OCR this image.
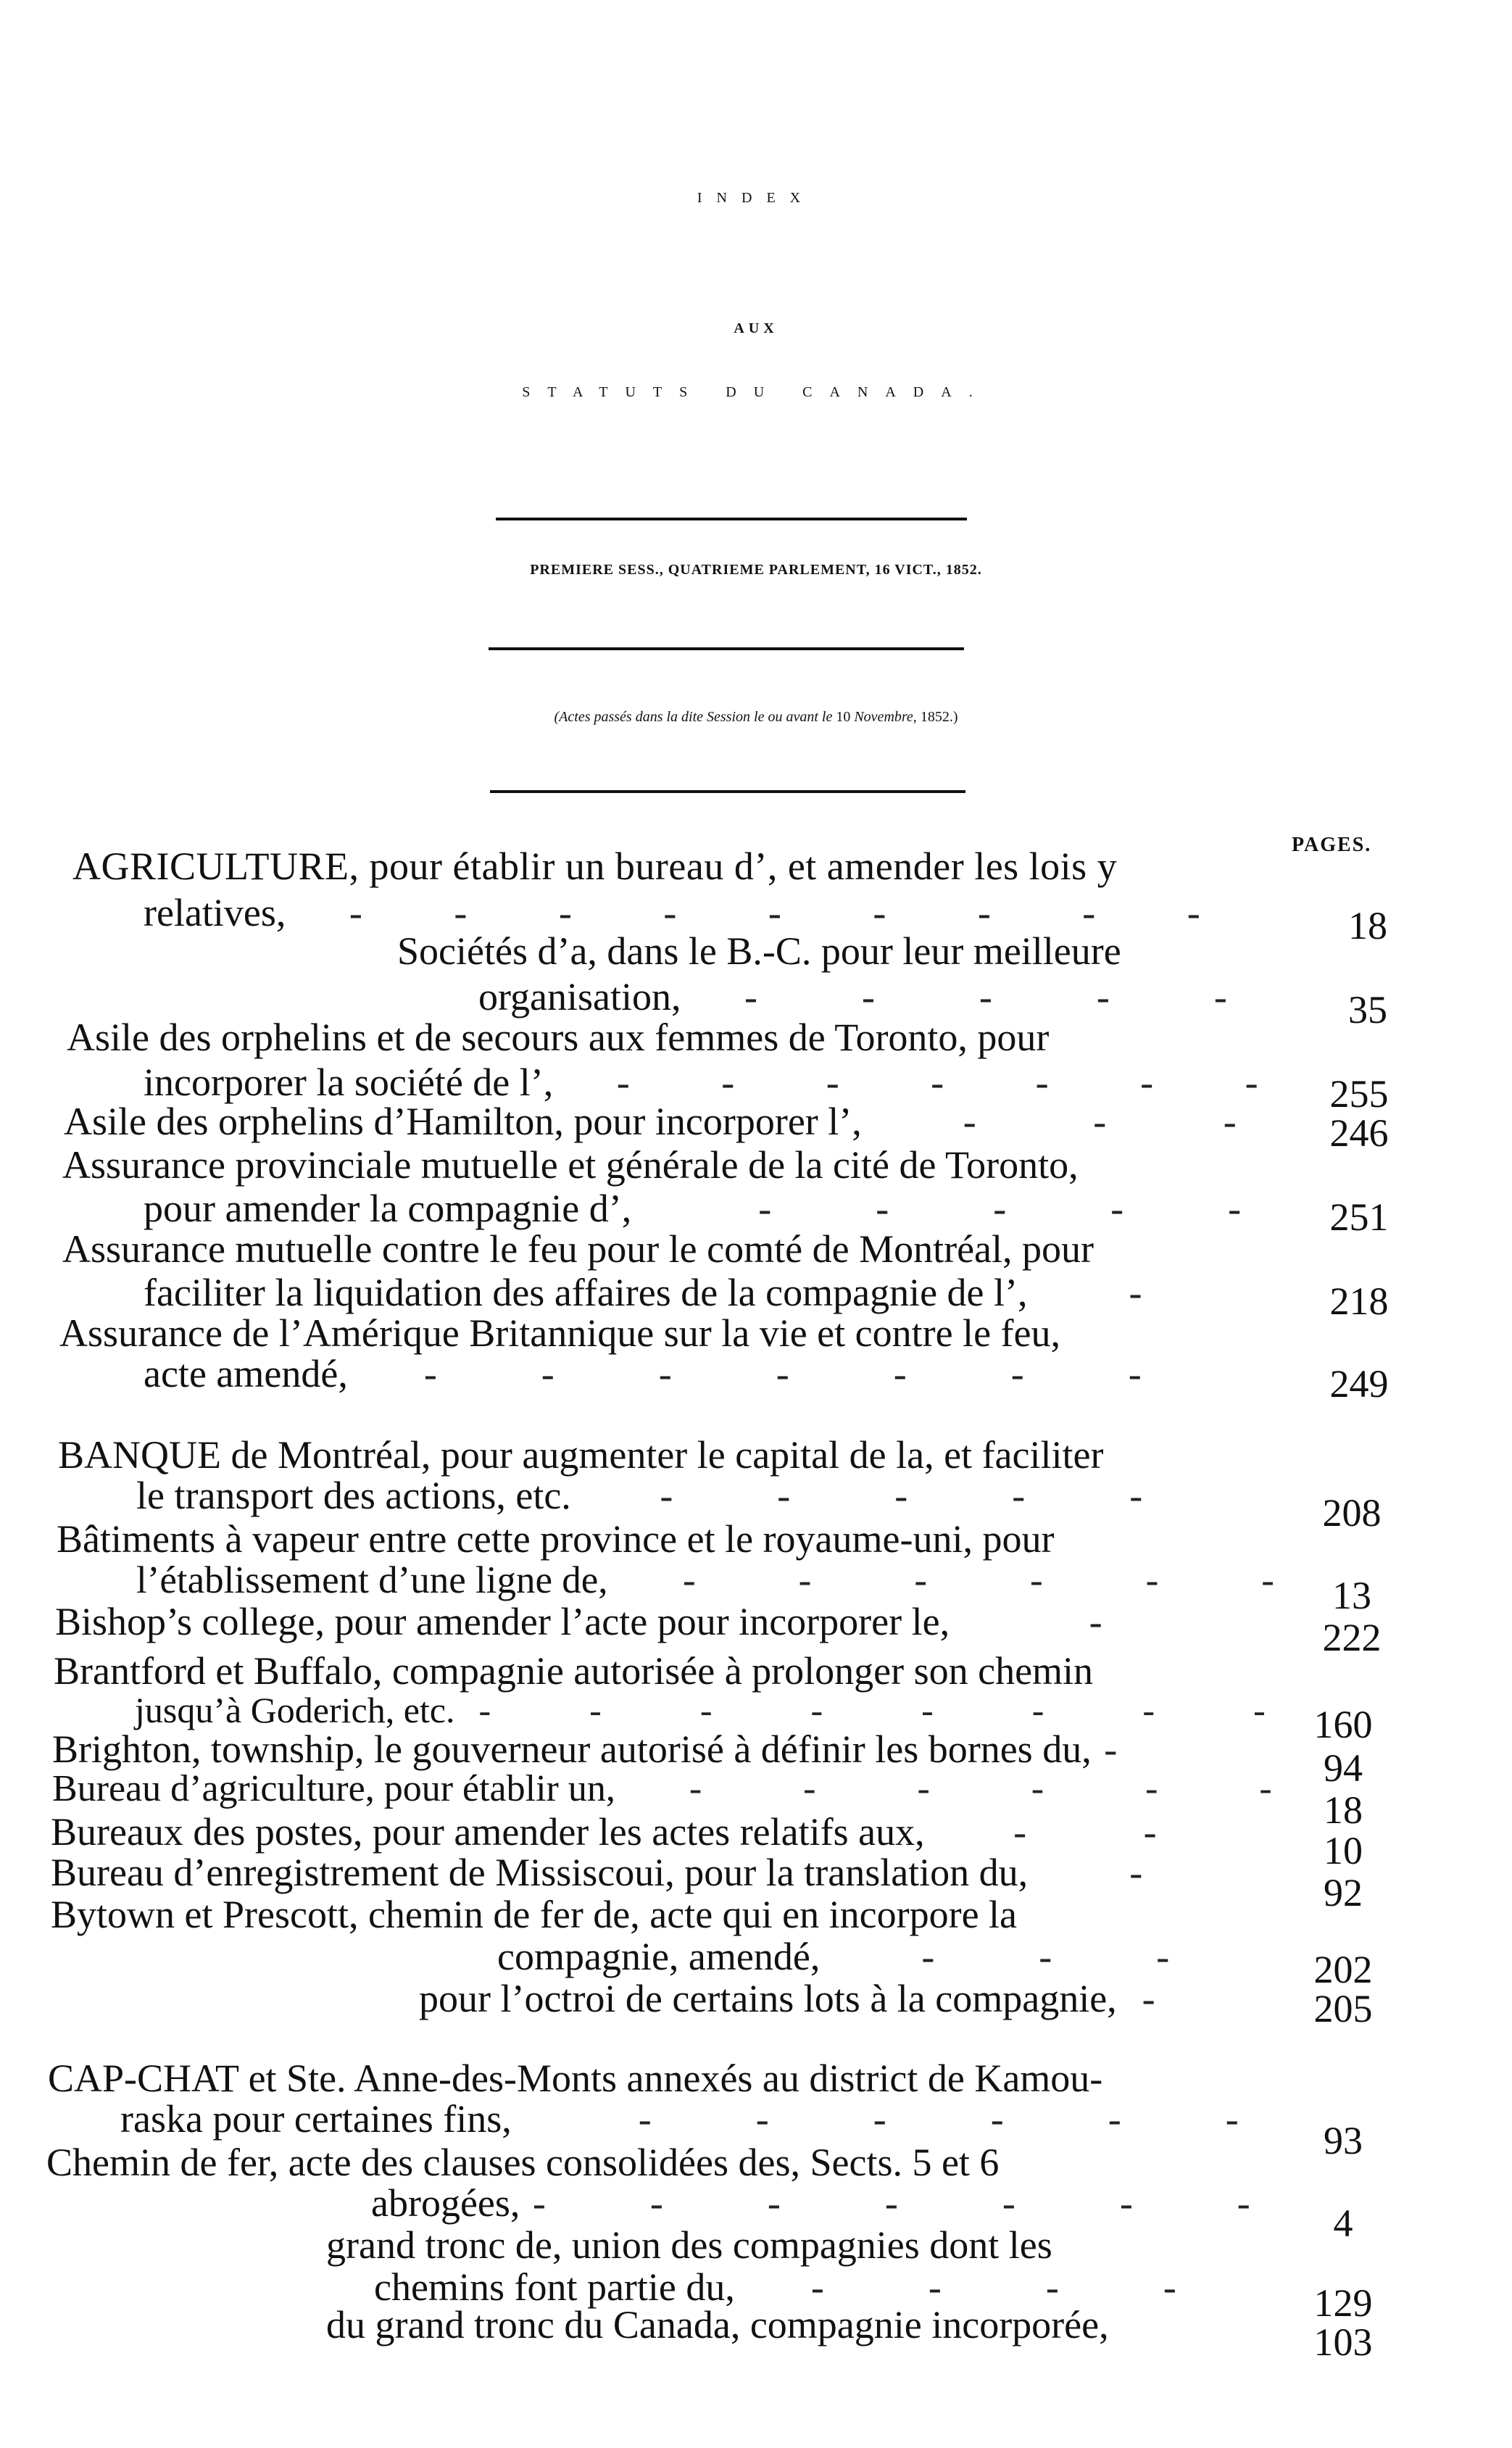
INDEX
AUX
STATUTS DU CANADA.
PREMIERE SESS., QUATRIEME PARLEMENT, 16 VICT., 1852.
(Actes passés dans la dite Session le ou avant le 10 Novembre, 1852.)
PAGES.
AGRICULTURE, pour établir un bureau d’, et amender les lois y
relatives,     -       -       -       -       -       -       -       -       -	18
Sociétés d’a, dans le B.-C. pour leur meilleure
organisation,     -        -        -        -        -	35
Asile des orphelins et de secours aux femmes de Toronto, pour
incorporer la société de l’,     -       -       -       -       -       -       -	255
Asile des orphelins d’Hamilton, pour incorporer l’,        -         -         -	246
Assurance provinciale mutuelle et générale de la cité de Toronto,
pour amender la compagnie d’,          -        -        -        -        -	251
Assurance mutuelle contre le feu pour le comté de Montréal, pour
faciliter la liquidation des affaires de la compagnie de l’,        -	218
Assurance de l’Amérique Britannique sur la vie et contre le feu,
acte amendé,      -        -        -        -        -        -        -	249
BANQUE de Montréal, pour augmenter le capital de la, et faciliter
le transport des actions, etc.       -        -        -        -        -	208
Bâtiments à vapeur entre cette province et le royaume-uni, pour
l’établissement d’une ligne de,      -        -        -        -        -        -	13
Bishop’s college, pour amender l’acte pour incorporer le,           -	222
Brantford et Buffalo, compagnie autorisée à prolonger son chemin
jusqu’à Goderich, etc.  -        -        -        -        -        -        -        -	160
Brighton, township, le gouverneur autorisé à définir les bornes du, -	94
Bureau d’agriculture, pour établir un,      -        -        -        -        -        -	18
Bureaux des postes, pour amender les actes relatifs aux,       -         -	10
Bureau d’enregistrement de Missiscoui, pour la translation du,        -	92
Bytown et Prescott, chemin de fer de, acte qui en incorpore la
compagnie, amendé,        -        -        -	202
pour l’octroi de certains lots à la compagnie,  -	205
CAP-CHAT et Ste. Anne-des-Monts annexés au district de Kamou-
raska pour certaines fins,          -        -        -        -        -        -	93
Chemin de fer, acte des clauses consolidées des, Sects. 5 et 6
abrogées, -        -        -        -        -        -        -	4
grand tronc de, union des compagnies dont les
chemins font partie du,      -        -        -        -	129
du grand tronc du Canada, compagnie incorporée,	103
